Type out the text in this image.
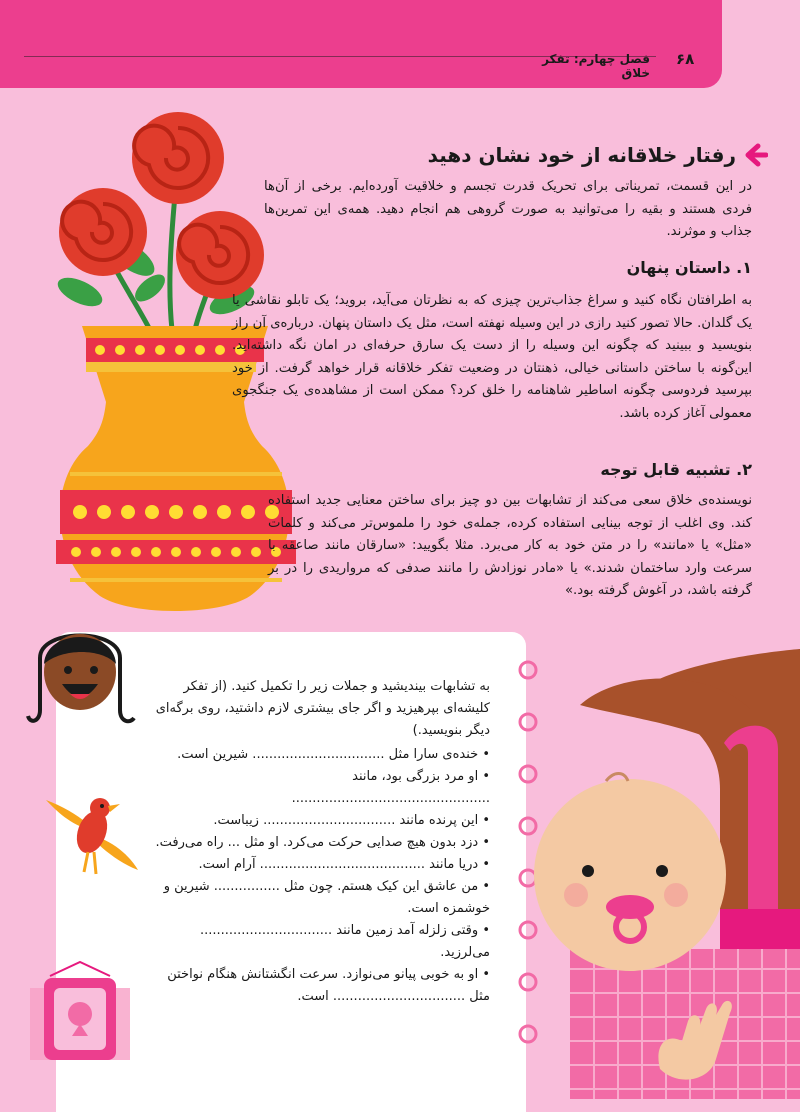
۶۸
فصل چهارم: تفکر خلاق
رفتار خلاقانه از خود نشان دهید

در این قسمت، تمریناتی برای تحریک قدرت تجسم و خلاقیت آورده‌ایم. برخی از آن‌ها فردی هستند و بقیه را می‌توانید به صورت گروهی هم انجام دهید. همه‌ی این تمرین‌ها جذاب و موثرند.

۱. داستان پنهان

به اطرافتان نگاه کنید و سراغ جذاب‌ترین چیزی که به نظرتان می‌آید، بروید؛ یک تابلو نقاشی یا یک گلدان. حالا تصور کنید رازی در این وسیله نهفته است، مثل یک داستان پنهان. درباره‌ی آن راز بنویسید و ببینید که چگونه این وسیله را از دست یک سارق حرفه‌ای در امان نگه داشته‌اید. این‌گونه با ساختن داستانی خیالی، ذهنتان در وضعیت تفکر خلاقانه قرار خواهد گرفت. از خود بپرسید فردوسی چگونه اساطیر شاهنامه را خلق کرد؟ ممکن است از مشاهده‌ی یک جنگجوی معمولی آغاز کرده باشد.

۲. تشبیه قابل توجه

نویسنده‌ی خلاق سعی می‌کند از تشابهات بین دو چیز برای ساختن معنایی جدید استفاده کند. وی اغلب از توجه بینایی استفاده کرده، جمله‌ی خود را ملموس‌تر می‌کند و کلمات «مثل» یا «مانند» را در متن خود به کار می‌برد. مثلا بگویید: «سارقان مانند صاعقه با سرعت وارد ساختمان شدند.» یا «مادر نوزادش را مانند صدفی که مرواریدی را در بر گرفته باشد، در آغوش گرفته بود.»

به تشابهات بیندیشید و جملات زیر را تکمیل کنید. (از تفکر کلیشه‌ای بپرهیزید و اگر جای بیشتری لازم داشتید، روی برگه‌ای دیگر بنویسید.)

• خنده‌ی سارا مثل ................................ شیرین است.

• او مرد بزرگی بود، مانند ................................................

• این پرنده مانند ................................ زیباست.

• دزد بدون هیچ صدایی حرکت می‌کرد. او مثل ... راه می‌رفت.

• دریا مانند ........................................ آرام است.

• من عاشق این کیک هستم. چون مثل ................ شیرین و خوشمزه است.

• وقتی زلزله آمد زمین مانند ................................ می‌لرزید.

• او به خوبی پیانو می‌نوازد. سرعت انگشتانش هنگام نواختن مثل ................................ است.
